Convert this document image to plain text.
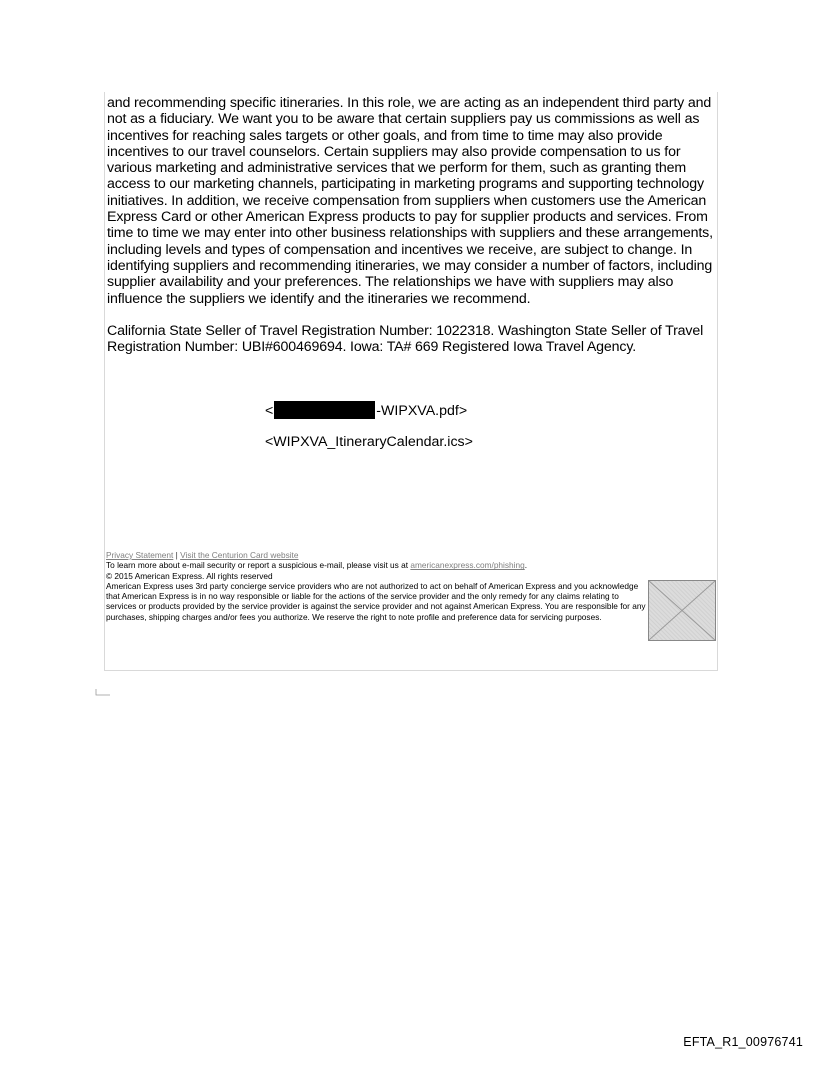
and recommending specific itineraries. In this role, we are acting as an independent third party and not as a fiduciary. We want you to be aware that certain suppliers pay us commissions as well as incentives for reaching sales targets or other goals, and from time to time may also provide incentives to our travel counselors. Certain suppliers may also provide compensation to us for various marketing and administrative services that we perform for them, such as granting them access to our marketing channels, participating in marketing programs and supporting technology initiatives. In addition, we receive compensation from suppliers when customers use the American Express Card or other American Express products to pay for supplier products and services. From time to time we may enter into other business relationships with suppliers and these arrangements, including levels and types of compensation and incentives we receive, are subject to change. In identifying suppliers and recommending itineraries, we may consider a number of factors, including supplier availability and your preferences. The relationships we have with suppliers may also influence the suppliers we identify and the itineraries we recommend.

California State Seller of Travel Registration Number: 1022318. Washington State Seller of Travel Registration Number: UBI#600469694. Iowa: TA# 669 Registered Iowa Travel Agency.

<	-WIPXVA.pdf>
<WIPXVA_ItineraryCalendar.ics>
Privacy Statement | Visit the Centurion Card website
To learn more about e-mail security or report a suspicious e-mail, please visit us at americanexpress.com/phishing.
© 2015 American Express. All rights reserved

American Express uses 3rd party concierge service providers who are not authorized to act on behalf of American Express and you acknowledge that American Express is in no way responsible or liable for the actions of the service provider and the only remedy for any claims relating to services or products provided by the service provider is against the service provider and not against American Express. You are responsible for any purchases, shipping charges and/or fees you authorize. We reserve the right to note profile and preference data for servicing purposes.

EFTA_R1_00976741
